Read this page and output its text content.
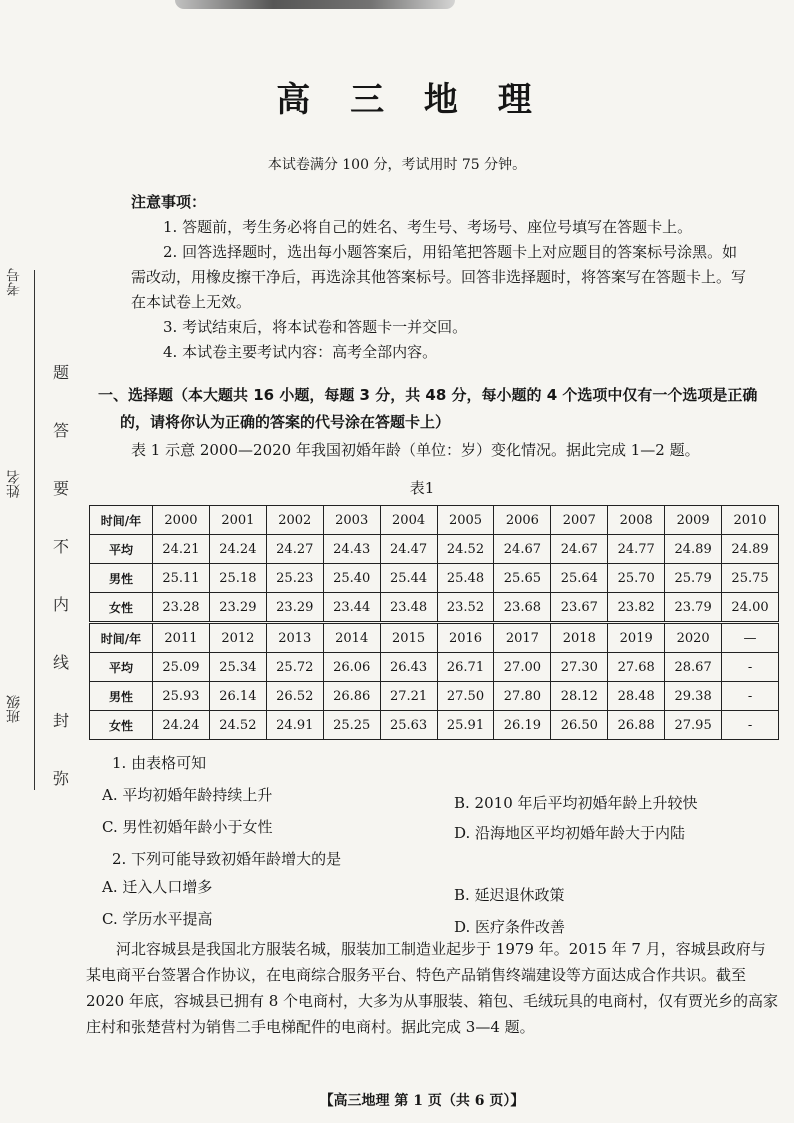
考号
姓名
班级
题
答
要
不
内
线
封
弥
高 三 地 理
本试卷满分 100 分，考试用时 75 分钟。

注意事项：

1. 答题前，考生务必将自己的姓名、考生号、考场号、座位号填写在答题卡上。

2. 回答选择题时，选出每小题答案后，用铅笔把答题卡上对应题目的答案标号涂黑。如需改动，用橡皮擦干净后，再选涂其他答案标号。回答非选择题时，将答案写在答题卡上。写在本试卷上无效。

3. 考试结束后，将本试卷和答题卡一并交回。

4. 本试卷主要考试内容：高考全部内容。

一、选择题（本大题共 16 小题，每题 3 分，共 48 分，每小题的 4 个选项中仅有一个选项是正确
的，请将你认为正确的答案的代号涂在答题卡上）
表 1 示意 2000—2020 年我国初婚年龄（单位：岁）变化情况。据此完成 1—2 题。
表1
时间/年	2000	2001	2002	2003	2004	2005	2006	2007	2008	2009	2010
平均	24.21	24.24	24.27	24.43	24.47	24.52	24.67	24.67	24.77	24.89	24.89
男性	25.11	25.18	25.23	25.40	25.44	25.48	25.65	25.64	25.70	25.79	25.75
女性	23.28	23.29	23.29	23.44	23.48	23.52	23.68	23.67	23.82	23.79	24.00
时间/年	2011	2012	2013	2014	2015	2016	2017	2018	2019	2020	—
平均	25.09	25.34	25.72	26.06	26.43	26.71	27.00	27.30	27.68	28.67	-
男性	25.93	26.14	26.52	26.86	27.21	27.50	27.80	28.12	28.48	29.38	-
女性	24.24	24.52	24.91	25.25	25.63	25.91	26.19	26.50	26.88	27.95	-
1. 由表格可知
A. 平均初婚年龄持续上升	B. 2010 年后平均初婚年龄上升较快
C. 男性初婚年龄小于女性	D. 沿海地区平均初婚年龄大于内陆
2. 下列可能导致初婚年龄增大的是
A. 迁入人口增多	B. 延迟退休政策
C. 学历水平提高	D. 医疗条件改善

河北容城县是我国北方服装名城，服装加工制造业起步于 1979 年。2015 年 7 月，容城县政府与某电商平台签署合作协议，在电商综合服务平台、特色产品销售终端建设等方面达成合作共识。截至 2020 年底，容城县已拥有 8 个电商村，大多为从事服装、箱包、毛绒玩具的电商村，仅有贾光乡的高家庄村和张楚营村为销售二手电梯配件的电商村。据此完成 3—4 题。

【高三地理 第 1 页（共 6 页）】
